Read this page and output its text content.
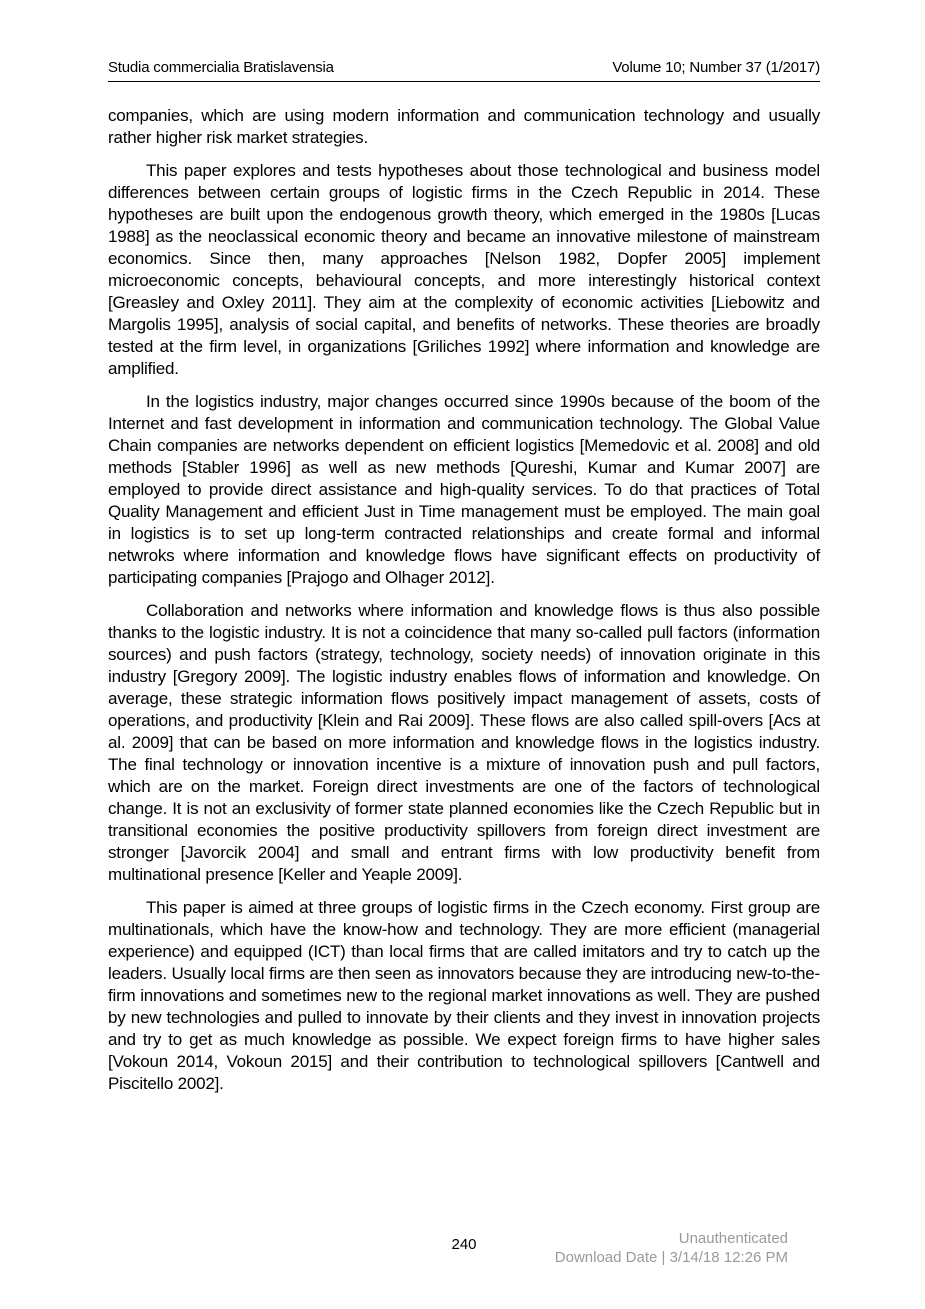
Studia commercialia Bratislavensia	Volume 10; Number 37 (1/2017)

companies, which are using modern information and communication technology and usually rather higher risk market strategies.

This paper explores and tests hypotheses about those technological and business model differences between certain groups of logistic firms in the Czech Republic in 2014. These hypotheses are built upon the endogenous growth theory, which emerged in the 1980s [Lucas 1988] as the neoclassical economic theory and became an innovative milestone of mainstream economics. Since then, many approaches [Nelson 1982, Dopfer 2005] implement microeconomic concepts, behavioural concepts, and more interestingly historical context [Greasley and Oxley 2011]. They aim at the complexity of economic activities [Liebowitz and Margolis 1995], analysis of social capital, and benefits of networks. These theories are broadly tested at the firm level, in organizations [Griliches 1992] where information and knowledge are amplified.

In the logistics industry, major changes occurred since 1990s because of the boom of the Internet and fast development in information and communication technology. The Global Value Chain companies are networks dependent on efficient logistics [Memedovic et al. 2008] and old methods [Stabler 1996] as well as new methods [Qureshi, Kumar and Kumar 2007] are employed to provide direct assistance and high-quality services. To do that practices of Total Quality Management and efficient Just in Time management must be employed. The main goal in logistics is to set up long-term contracted relationships and create formal and informal netwroks where information and knowledge flows have significant effects on productivity of participating companies [Prajogo and Olhager 2012].

Collaboration and networks where information and knowledge flows is thus also possible thanks to the logistic industry. It is not a coincidence that many so-called pull factors (information sources) and push factors (strategy, technology, society needs) of innovation originate in this industry [Gregory 2009]. The logistic industry enables flows of information and knowledge. On average, these strategic information flows positively impact management of assets, costs of operations, and productivity [Klein and Rai 2009]. These flows are also called spill-overs [Acs at al. 2009] that can be based on more information and knowledge flows in the logistics industry. The final technology or innovation incentive is a mixture of innovation push and pull factors, which are on the market. Foreign direct investments are one of the factors of technological change. It is not an exclusivity of former state planned economies like the Czech Republic but in transitional economies the positive productivity spillovers from foreign direct investment are stronger [Javorcik 2004] and small and entrant firms with low productivity benefit from multinational presence [Keller and Yeaple 2009].

This paper is aimed at three groups of logistic firms in the Czech economy. First group are multinationals, which have the know-how and technology. They are more efficient (managerial experience) and equipped (ICT) than local firms that are called imitators and try to catch up the leaders. Usually local firms are then seen as innovators because they are introducing new-to-the-firm innovations and sometimes new to the regional market innovations as well. They are pushed by new technologies and pulled to innovate by their clients and they invest in innovation projects and try to get as much knowledge as possible. We expect foreign firms to have higher sales [Vokoun 2014, Vokoun 2015] and their contribution to technological spillovers [Cantwell and Piscitello 2002].

240	Unauthenticated
Download Date | 3/14/18 12:26 PM
